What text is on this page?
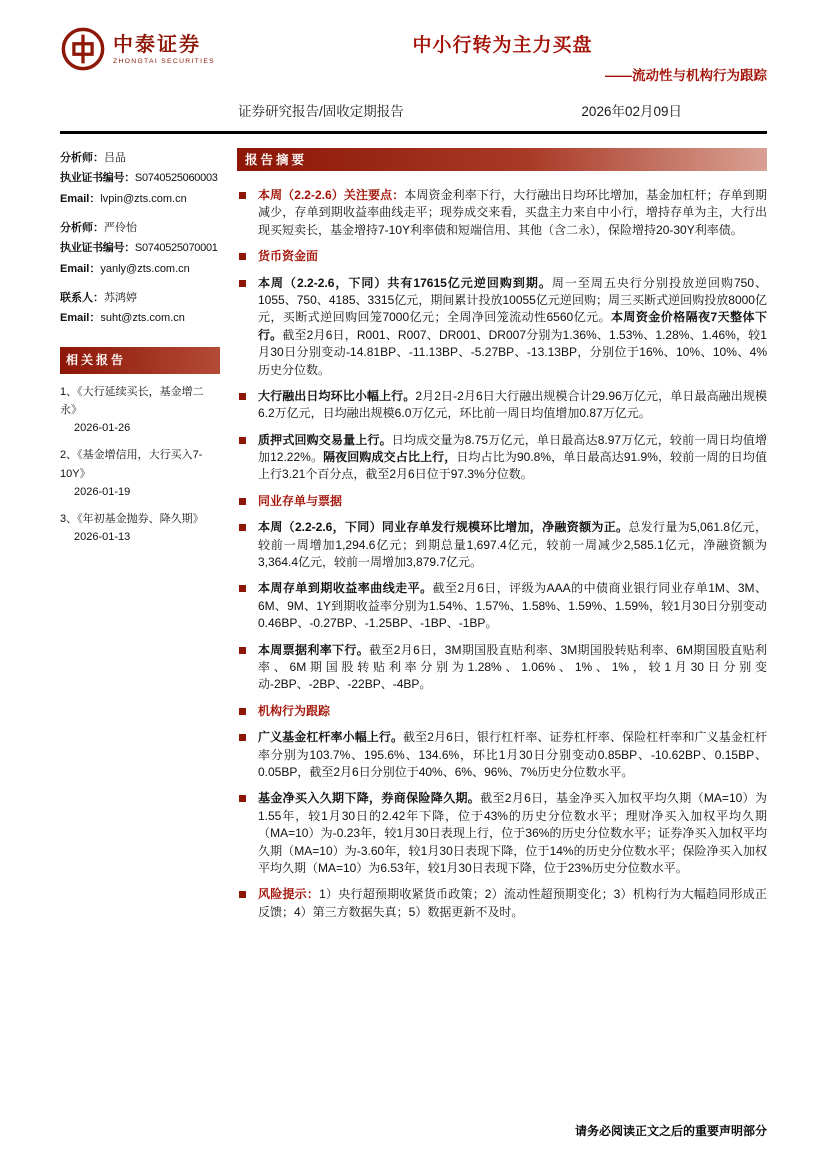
中泰证券
ZHONGTAI SECURITIES
中小行转为主力买盘
——流动性与机构行为跟踪
证券研究报告/固收定期报告	2026年02月09日
分析师：吕品
执业证书编号：S0740525060003
Email：lvpin@zts.com.cn
分析师：严伶怡
执业证书编号：S0740525070001
Email：yanly@zts.com.cn
联系人：苏鸿婷
Email：suht@zts.com.cn
相关报告
1、《大行延续买长，基金增二永》
2026-01-26
2、《基金增信用，大行买入7-10Y》
2026-01-19
3、《年初基金抛券、降久期》
2026-01-13
报告摘要

本周（2.2-2.6）关注要点：本周资金利率下行，大行融出日均环比增加，基金加杠杆；存单到期减少，存单到期收益率曲线走平；现券成交来看，买盘主力来自中小行，增持存单为主，大行出现买短卖长，基金增持7-10Y利率债和短端信用、其他（含二永），保险增持20-30Y利率债。

货币资金面

本周（2.2-2.6，下同）共有17615亿元逆回购到期。周一至周五央行分别投放逆回购750、1055、750、4185、3315亿元，期间累计投放10055亿元逆回购；周三买断式逆回购投放8000亿元，买断式逆回购回笼7000亿元；全周净回笼流动性6560亿元。本周资金价格隔夜7天整体下行。截至2月6日，R001、R007、DR001、DR007分别为1.36%、1.53%、1.28%、1.46%，较1月30日分别变动-14.81BP、-11.13BP、-5.27BP、-13.13BP，分别位于16%、10%、10%、4%历史分位数。

大行融出日均环比小幅上行。2月2日-2月6日大行融出规模合计29.96万亿元，单日最高融出规模6.2万亿元，日均融出规模6.0万亿元，环比前一周日均值增加0.87万亿元。

质押式回购交易量上行。日均成交量为8.75万亿元，单日最高达8.97万亿元，较前一周日均值增加12.22%。隔夜回购成交占比上行，日均占比为90.8%，单日最高达91.9%，较前一周的日均值上行3.21个百分点，截至2月6日位于97.3%分位数。

同业存单与票据

本周（2.2-2.6，下同）同业存单发行规模环比增加，净融资额为正。总发行量为5,061.8亿元，较前一周增加1,294.6亿元；到期总量1,697.4亿元，较前一周减少2,585.1亿元，净融资额为3,364.4亿元，较前一周增加3,879.7亿元。

本周存单到期收益率曲线走平。截至2月6日，评级为AAA的中债商业银行同业存单1M、3M、6M、9M、1Y到期收益率分别为1.54%、1.57%、1.58%、1.59%、1.59%，较1月30日分别变动0.46BP、-0.27BP、-1.25BP、-1BP、-1BP。

本周票据利率下行。截至2月6日，3M期国股直贴利率、3M期国股转贴利率、6M期国股直贴利率、6M期国股转贴利率分别为1.28%、1.06%、1%、1%，较1月30日分别变动-2BP、-2BP、-22BP、-4BP。

机构行为跟踪

广义基金杠杆率小幅上行。截至2月6日，银行杠杆率、证券杠杆率、保险杠杆率和广义基金杠杆率分别为103.7%、195.6%、134.6%，环比1月30日分别变动0.85BP、-10.62BP、0.15BP、0.05BP，截至2月6日分别位于40%、6%、96%、7%历史分位数水平。

基金净买入久期下降，券商保险降久期。截至2月6日，基金净买入加权平均久期（MA=10）为1.55年，较1月30日的2.42年下降，位于43%的历史分位数水平；理财净买入加权平均久期（MA=10）为-0.23年，较1月30日表现上行，位于36%的历史分位数水平；证券净买入加权平均久期（MA=10）为-3.60年，较1月30日表现下降，位于14%的历史分位数水平；保险净买入加权平均久期（MA=10）为6.53年，较1月30日表现下降，位于23%历史分位数水平。

风险提示：1）央行超预期收紧货币政策；2）流动性超预期变化；3）机构行为大幅趋同形成正反馈；4）第三方数据失真；5）数据更新不及时。

请务必阅读正文之后的重要声明部分
